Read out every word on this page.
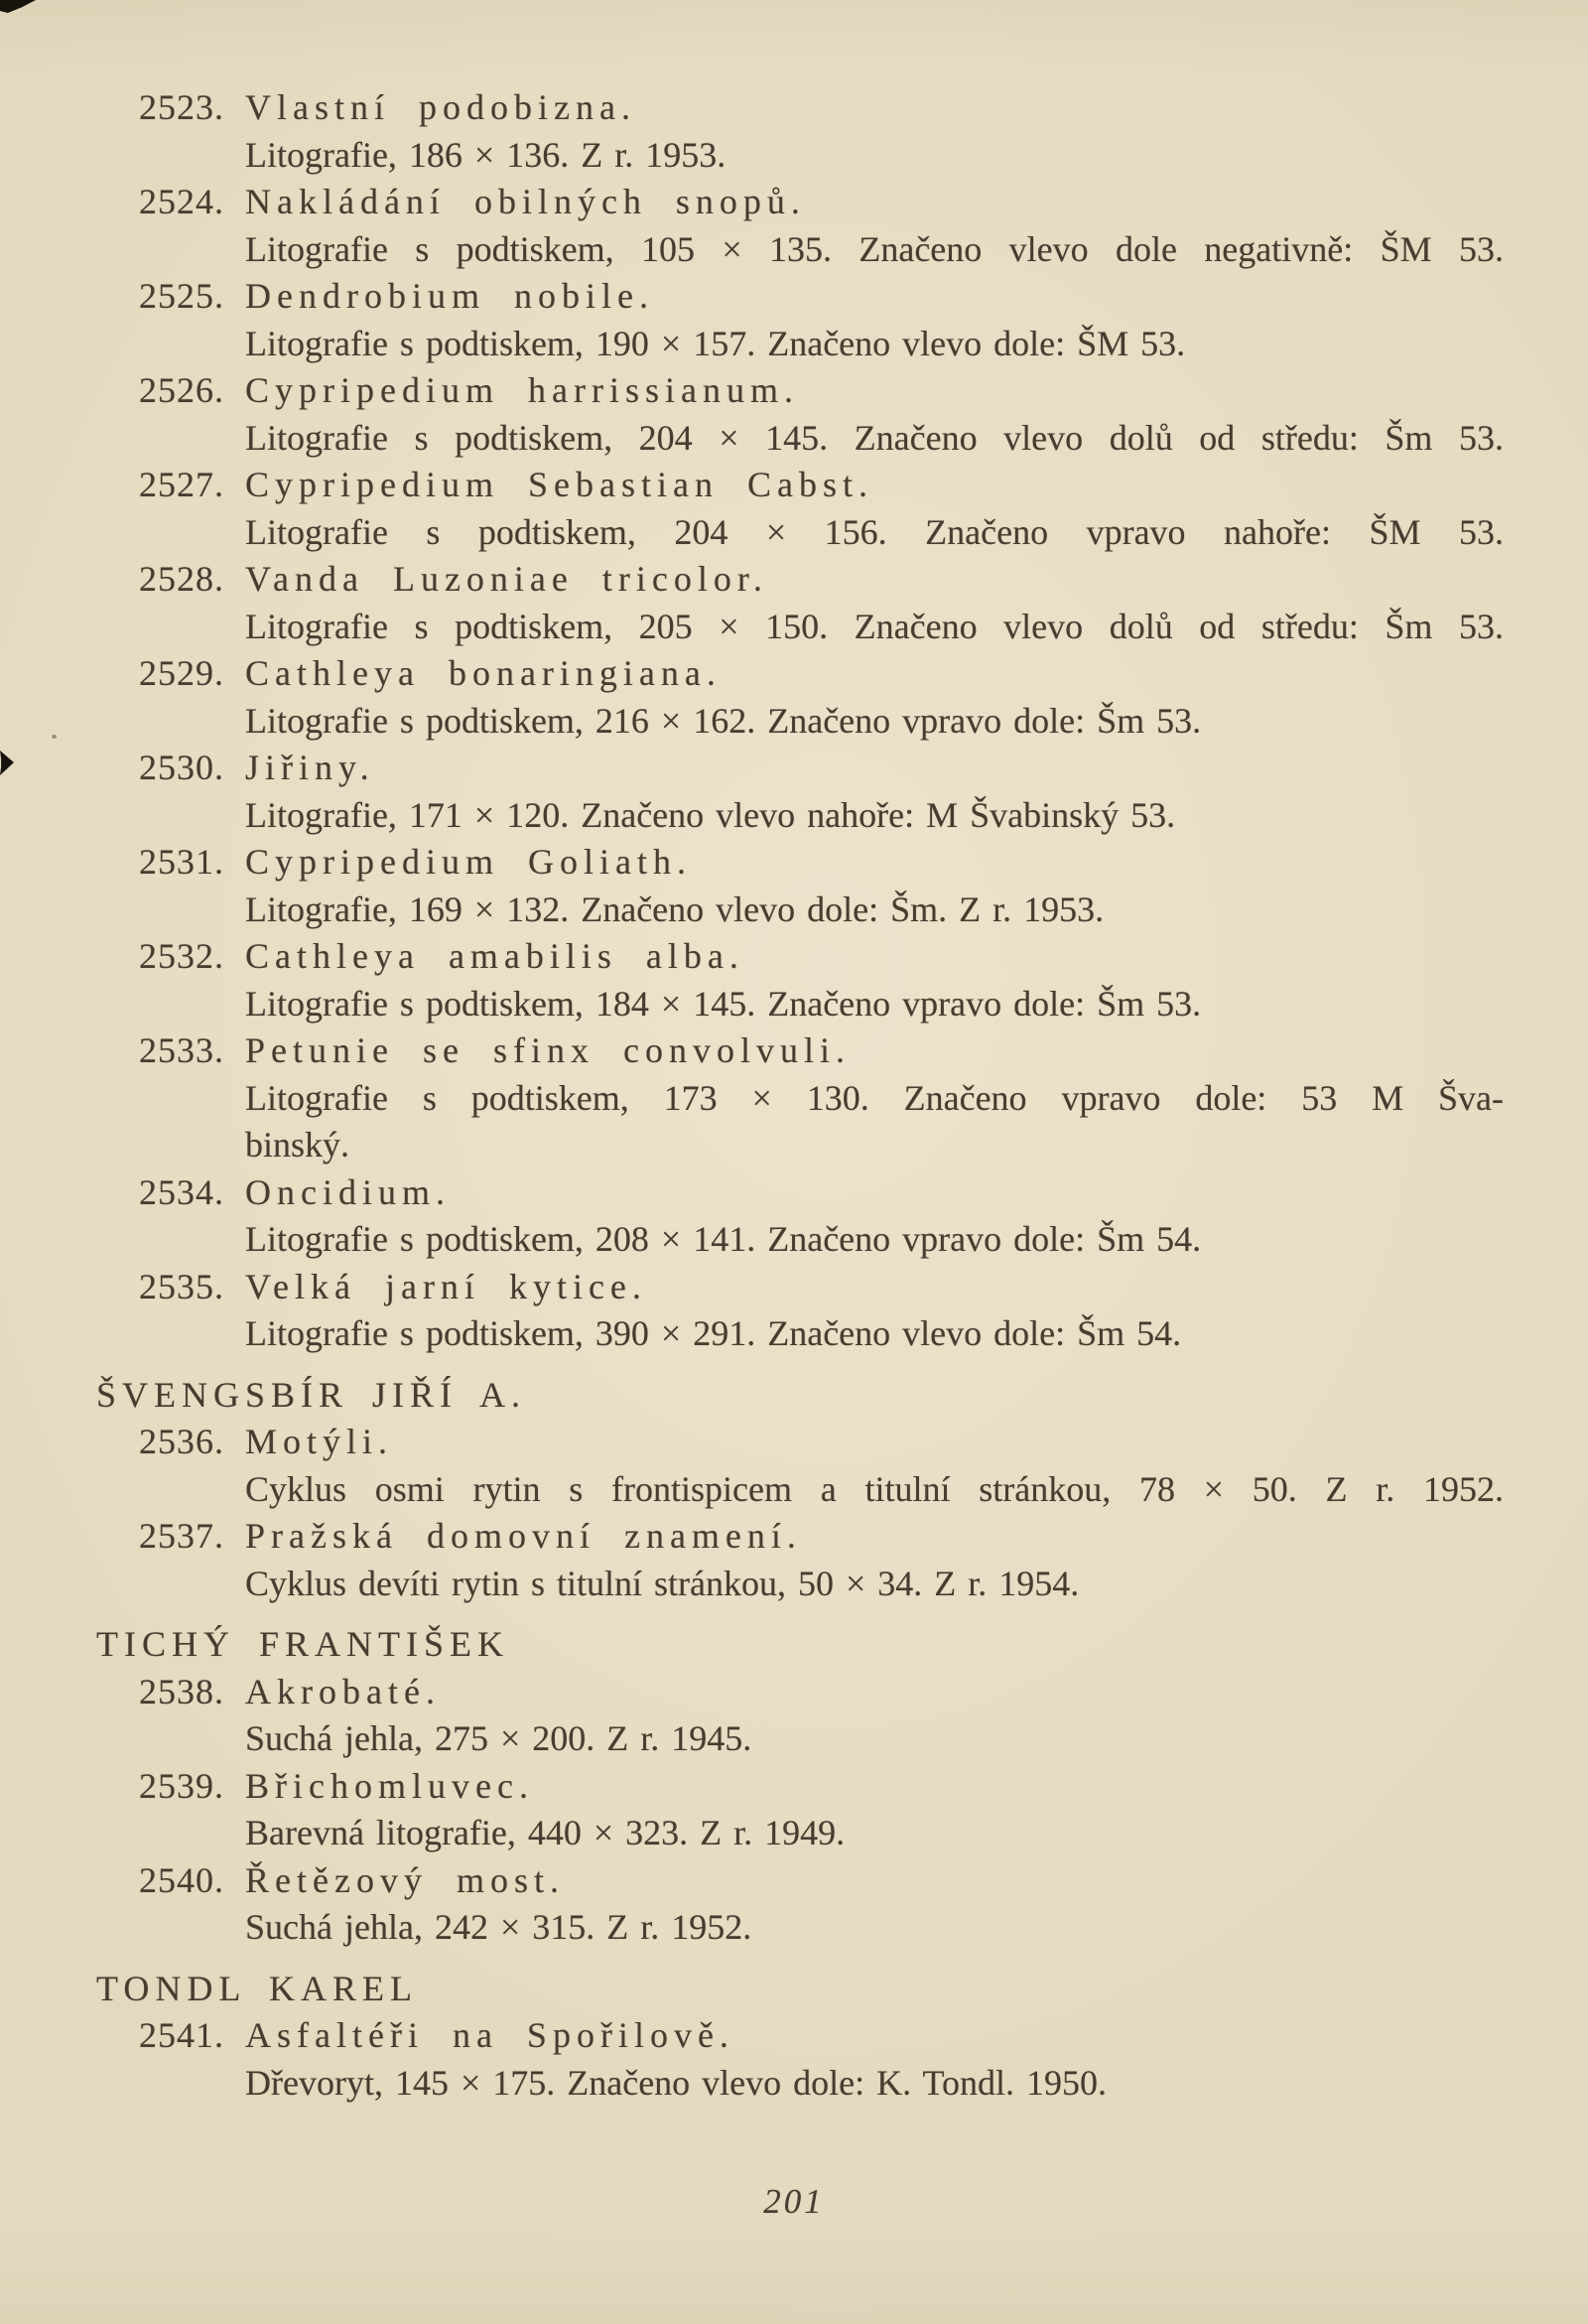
2523. Vlastní podobizna.
Litografie, 186 × 136. Z r. 1953.
2524. Nakládání obilných snopů.
Litografie s podtiskem, 105 × 135. Značeno vlevo dole negativně: ŠM 53.
2525. Dendrobium nobile.
Litografie s podtiskem, 190 × 157. Značeno vlevo dole: ŠM 53.
2526. Cypripedium harrissianum.
Litografie s podtiskem, 204 × 145. Značeno vlevo dolů od středu: Šm 53.
2527. Cypripedium Sebastian Cabst.
Litografie s podtiskem, 204 × 156. Značeno vpravo nahoře: ŠM 53.
2528. Vanda Luzoniae tricolor.
Litografie s podtiskem, 205 × 150. Značeno vlevo dolů od středu: Šm 53.
2529. Cathleya bonaringiana.
Litografie s podtiskem, 216 × 162. Značeno vpravo dole: Šm 53.
2530. Jiřiny.
Litografie, 171 × 120. Značeno vlevo nahoře: M Švabinský 53.
2531. Cypripedium Goliath.
Litografie, 169 × 132. Značeno vlevo dole: Šm. Z r. 1953.
2532. Cathleya amabilis alba.
Litografie s podtiskem, 184 × 145. Značeno vpravo dole: Šm 53.
2533. Petunie se sfinx convolvuli.
Litografie s podtiskem, 173 × 130. Značeno vpravo dole: 53 M Šva-
binský.
2534. Oncidium.
Litografie s podtiskem, 208 × 141. Značeno vpravo dole: Šm 54.
2535. Velká jarní kytice.
Litografie s podtiskem, 390 × 291. Značeno vlevo dole: Šm 54.
ŠVENGSBÍR JIŘÍ A.
2536. Motýli.
Cyklus osmi rytin s frontispicem a titulní stránkou, 78 × 50. Z r. 1952.
2537. Pražská domovní znamení.
Cyklus devíti rytin s titulní stránkou, 50 × 34. Z r. 1954.
TICHÝ FRANTIŠEK
2538. Akrobaté.
Suchá jehla, 275 × 200. Z r. 1945.
2539. Břichomluvec.
Barevná litografie, 440 × 323. Z r. 1949.
2540. Řetězový most.
Suchá jehla, 242 × 315. Z r. 1952.
TONDL KAREL
2541. Asfaltéři na Spořilově.
Dřevoryt, 145 × 175. Značeno vlevo dole: K. Tondl. 1950.
201
